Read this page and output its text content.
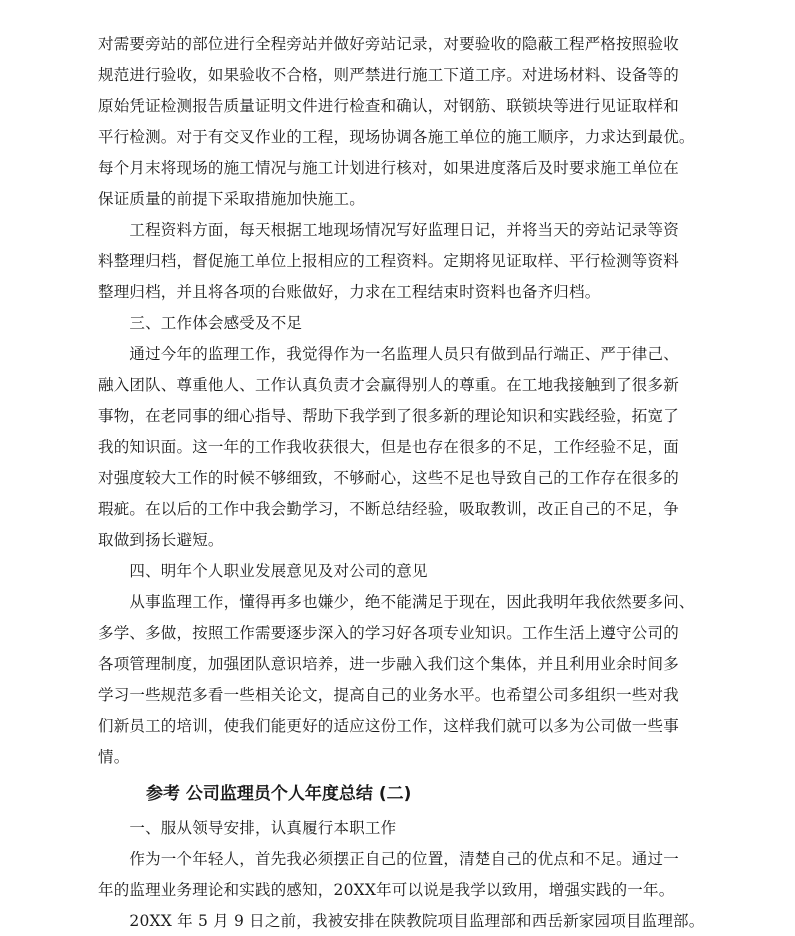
对需要旁站的部位进行全程旁站并做好旁站记录，对要验收的隐蔽工程严格按照验收

规范进行验收，如果验收不合格，则严禁进行施工下道工序。对进场材料、设备等的

原始凭证检测报告质量证明文件进行检查和确认，对钢筋、联锁块等进行见证取样和

平行检测。对于有交叉作业的工程，现场协调各施工单位的施工顺序，力求达到最优。

每个月末将现场的施工情况与施工计划进行核对，如果进度落后及时要求施工单位在

保证质量的前提下采取措施加快施工。

　　工程资料方面，每天根据工地现场情况写好监理日记，并将当天的旁站记录等资

料整理归档，督促施工单位上报相应的工程资料。定期将见证取样、平行检测等资料

整理归档，并且将各项的台账做好，力求在工程结束时资料也备齐归档。

　　三、工作体会感受及不足

　　通过今年的监理工作，我觉得作为一名监理人员只有做到品行端正、严于律己、

融入团队、尊重他人、工作认真负责才会赢得别人的尊重。在工地我接触到了很多新

事物，在老同事的细心指导、帮助下我学到了很多新的理论知识和实践经验，拓宽了

我的知识面。这一年的工作我收获很大，但是也存在很多的不足，工作经验不足，面

对强度较大工作的时候不够细致，不够耐心，这些不足也导致自己的工作存在很多的

瑕疵。在以后的工作中我会勤学习，不断总结经验，吸取教训，改正自己的不足，争

取做到扬长避短。

　　四、明年个人职业发展意见及对公司的意见

　　从事监理工作，懂得再多也嫌少，绝不能满足于现在，因此我明年我依然要多问、

多学、多做，按照工作需要逐步深入的学习好各项专业知识。工作生活上遵守公司的

各项管理制度，加强团队意识培养，进一步融入我们这个集体，并且利用业余时间多

学习一些规范多看一些相关论文，提高自己的业务水平。也希望公司多组织一些对我

们新员工的培训，使我们能更好的适应这份工作，这样我们就可以多为公司做一些事

情。

参考 公司监理员个人年度总结 (二)

　　一、服从领导安排，认真履行本职工作

　　作为一个年轻人，首先我必须摆正自己的位置，清楚自己的优点和不足。通过一

年的监理业务理论和实践的感知，20XX年可以说是我学以致用，增强实践的一年。

　　20XX 年 5 月 9 日之前，我被安排在陕教院项目监理部和西岳新家园项目监理部。
